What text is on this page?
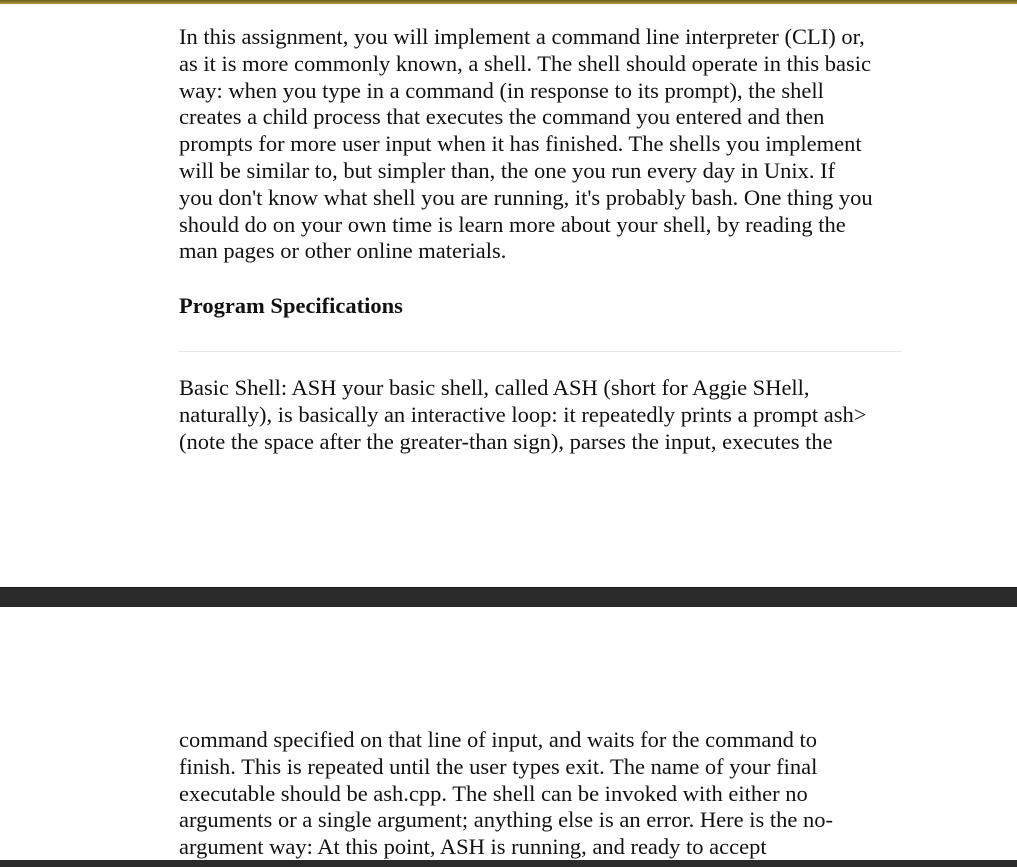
In this assignment, you will implement a command line interpreter (CLI) or,
as it is more commonly known, a shell. The shell should operate in this basic
way: when you type in a command (in response to its prompt), the shell
creates a child process that executes the command you entered and then
prompts for more user input when it has finished. The shells you implement
will be similar to, but simpler than, the one you run every day in Unix. If
you don't know what shell you are running, it's probably bash. One thing you
should do on your own time is learn more about your shell, by reading the
man pages or other online materials.

Program Specifications

Basic Shell: ASH your basic shell, called ASH (short for Aggie SHell,
naturally), is basically an interactive loop: it repeatedly prints a prompt ash>
(note the space after the greater-than sign), parses the input, executes the

command specified on that line of input, and waits for the command to
finish. This is repeated until the user types exit. The name of your final
executable should be ash.cpp. The shell can be invoked with either no
arguments or a single argument; anything else is an error. Here is the no-
argument way: At this point, ASH is running, and ready to accept
